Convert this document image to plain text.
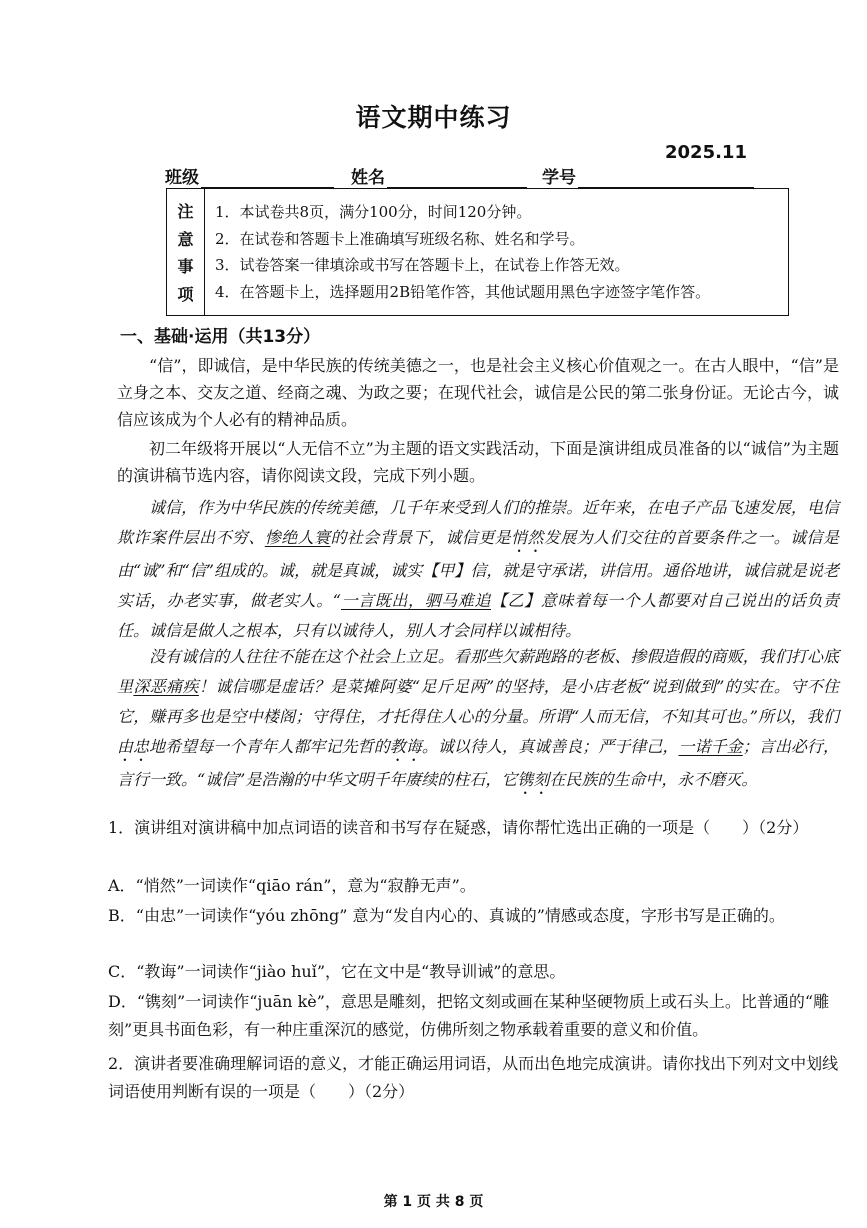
语文期中练习
2025.11
班级	姓名	学号
注
意
事
项
1．本试卷共8页，满分100分，时间120分钟。
2．在试卷和答题卡上准确填写班级名称、姓名和学号。
3．试卷答案一律填涂或书写在答题卡上，在试卷上作答无效。
4．在答题卡上，选择题用2B铅笔作答，其他试题用黑色字迹签字笔作答。
一、基础·运用（共13分）
“信”，即诚信，是中华民族的传统美德之一，也是社会主义核心价值观之一。在古人眼中，“信”是立身之本、交友之道、经商之魂、为政之要；在现代社会，诚信是公民的第二张身份证。无论古今，诚信应该成为个人必有的精神品质。
初二年级将开展以“人无信不立”为主题的语文实践活动，下面是演讲组成员准备的以“诚信”为主题的演讲稿节选内容，请你阅读文段，完成下列小题。
诚信，作为中华民族的传统美德，几千年来受到人们的推崇。近年来，在电子产品飞速发展，电信欺诈案件层出不穷、惨绝人寰的社会背景下，诚信更是悄然发展为人们交往的首要条件之一。诚信是由“诚”和“信”组成的。诚，就是真诚，诚实【甲】信，就是守承诺，讲信用。通俗地讲，诚信就是说老实话，办老实事，做老实人。“一言既出，驷马难追【乙】意味着每一个人都要对自己说出的话负责任。诚信是做人之根本，只有以诚待人，别人才会同样以诚相待。
没有诚信的人往往不能在这个社会上立足。看那些欠薪跑路的老板、掺假造假的商贩，我们打心底里深恶痛疾！诚信哪是虚话？是菜摊阿婆“足斤足两”的坚持，是小店老板“说到做到”的实在。守不住它，赚再多也是空中楼阁；守得住，才托得住人心的分量。所谓“人而无信，不知其可也。”所以，我们由忠地希望每一个青年人都牢记先哲的教诲。诚以待人，真诚善良；严于律己，一诺千金；言出必行，言行一致。“诚信”是浩瀚的中华文明千年赓续的柱石，它镌刻在民族的生命中，永不磨灭。
1．演讲组对演讲稿中加点词语的读音和书写存在疑惑，请你帮忙选出正确的一项是（　　）（2分）
A．“悄然”一词读作“qiāo rán”，意为“寂静无声”。
B．“由忠”一词读作“yóu zhōng” 意为“发自内心的、真诚的”情感或态度，字形书写是正确的。
C．“教诲”一词读作“jiào huǐ”，它在文中是“教导训诫”的意思。
D．“镌刻”一词读作“juān kè”，意思是雕刻，把铭文刻或画在某种坚硬物质上或石头上。比普通的“雕刻”更具书面色彩，有一种庄重深沉的感觉，仿佛所刻之物承载着重要的意义和价值。
2．演讲者要准确理解词语的意义，才能正确运用词语，从而出色地完成演讲。请你找出下列对文中划线词语使用判断有误的一项是（　　）（2分）
第 1 页 共 8 页
